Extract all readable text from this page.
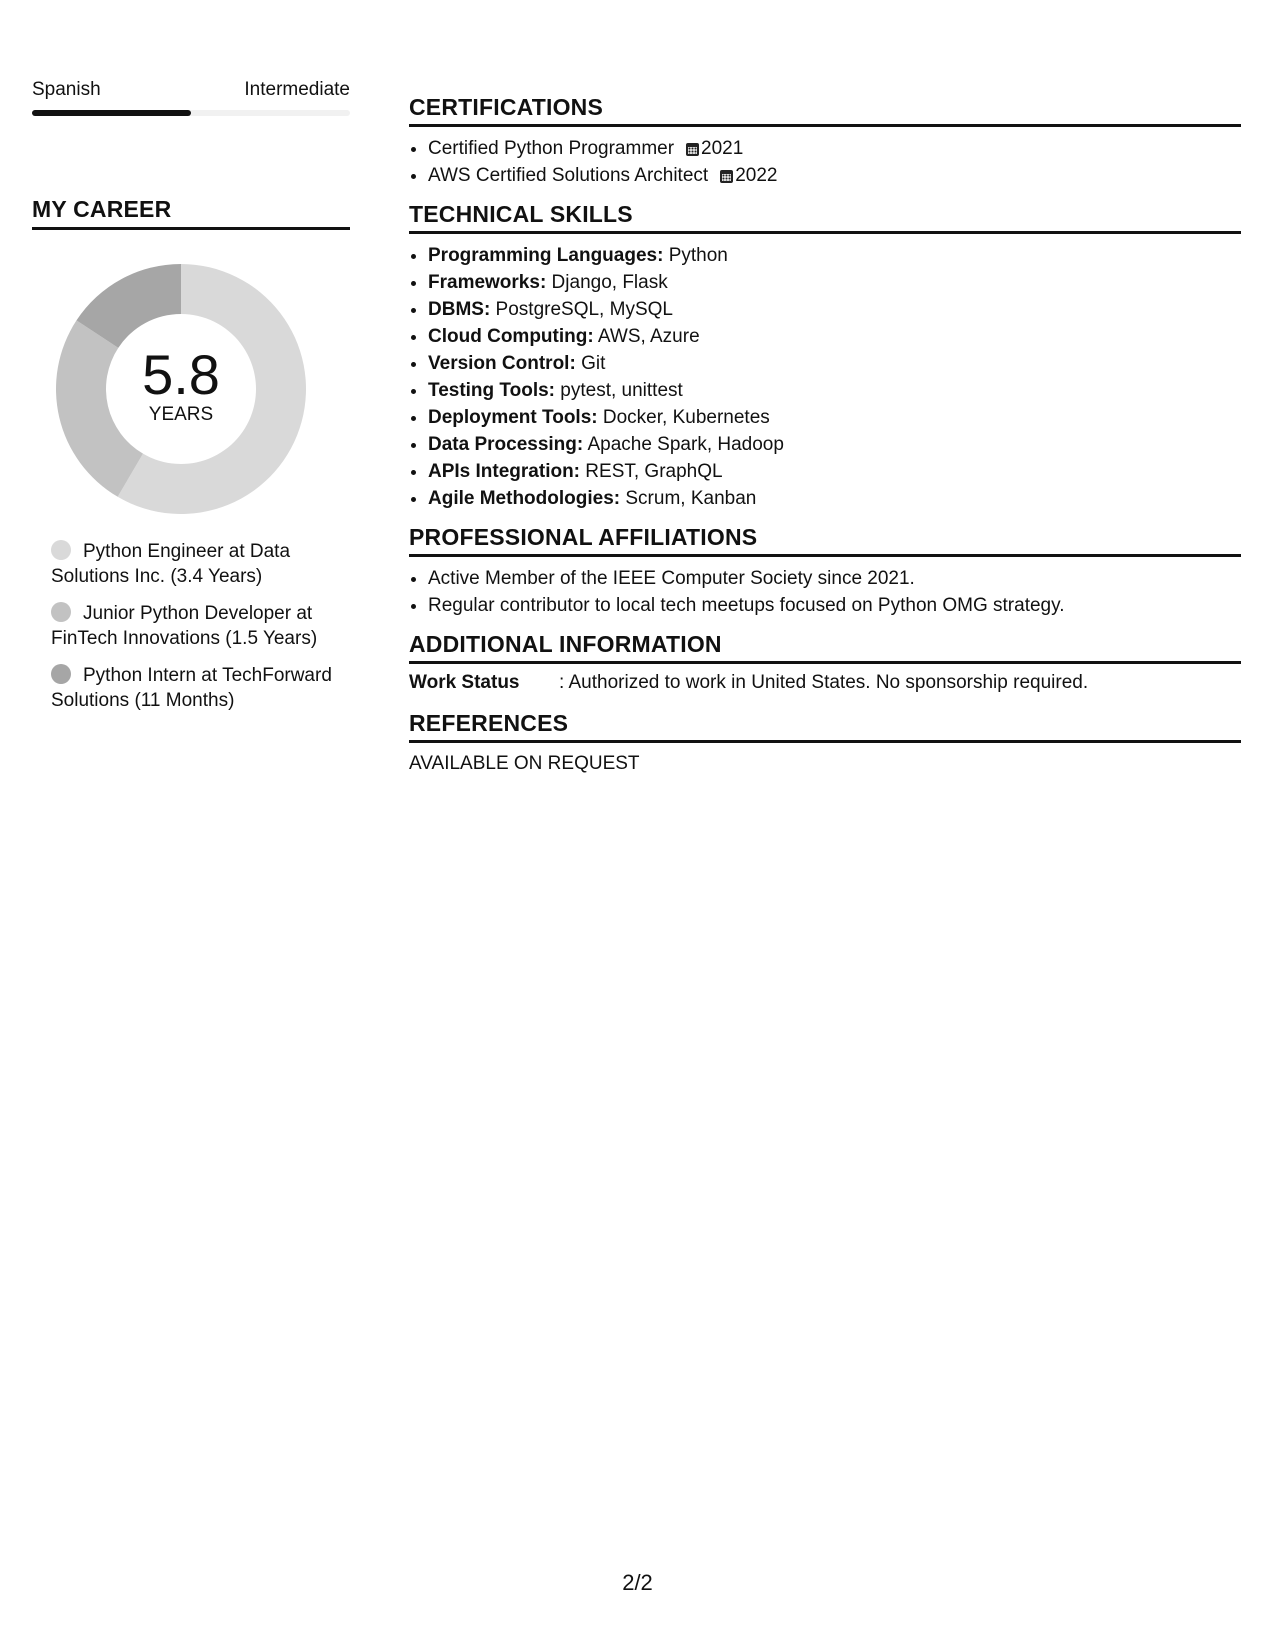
Spanish	Intermediate
MY CAREER
5.8
YEARS
Python Engineer at Data Solutions Inc. (3.4 Years)
Junior Python Developer at FinTech Innovations (1.5 Years)
Python Intern at TechForward Solutions (11 Months)
CERTIFICATIONS
• Certified Python Programmer 2021
• AWS Certified Solutions Architect 2022
TECHNICAL SKILLS
• Programming Languages: Python
• Frameworks: Django, Flask
• DBMS: PostgreSQL, MySQL
• Cloud Computing: AWS, Azure
• Version Control: Git
• Testing Tools: pytest, unittest
• Deployment Tools: Docker, Kubernetes
• Data Processing: Apache Spark, Hadoop
• APIs Integration: REST, GraphQL
• Agile Methodologies: Scrum, Kanban
PROFESSIONAL AFFILIATIONS
• Active Member of the IEEE Computer Society since 2021.
• Regular contributor to local tech meetups focused on Python OMG strategy.
ADDITIONAL INFORMATION
Work Status	: Authorized to work in United States. No sponsorship required.
REFERENCES
AVAILABLE ON REQUEST
2/2
